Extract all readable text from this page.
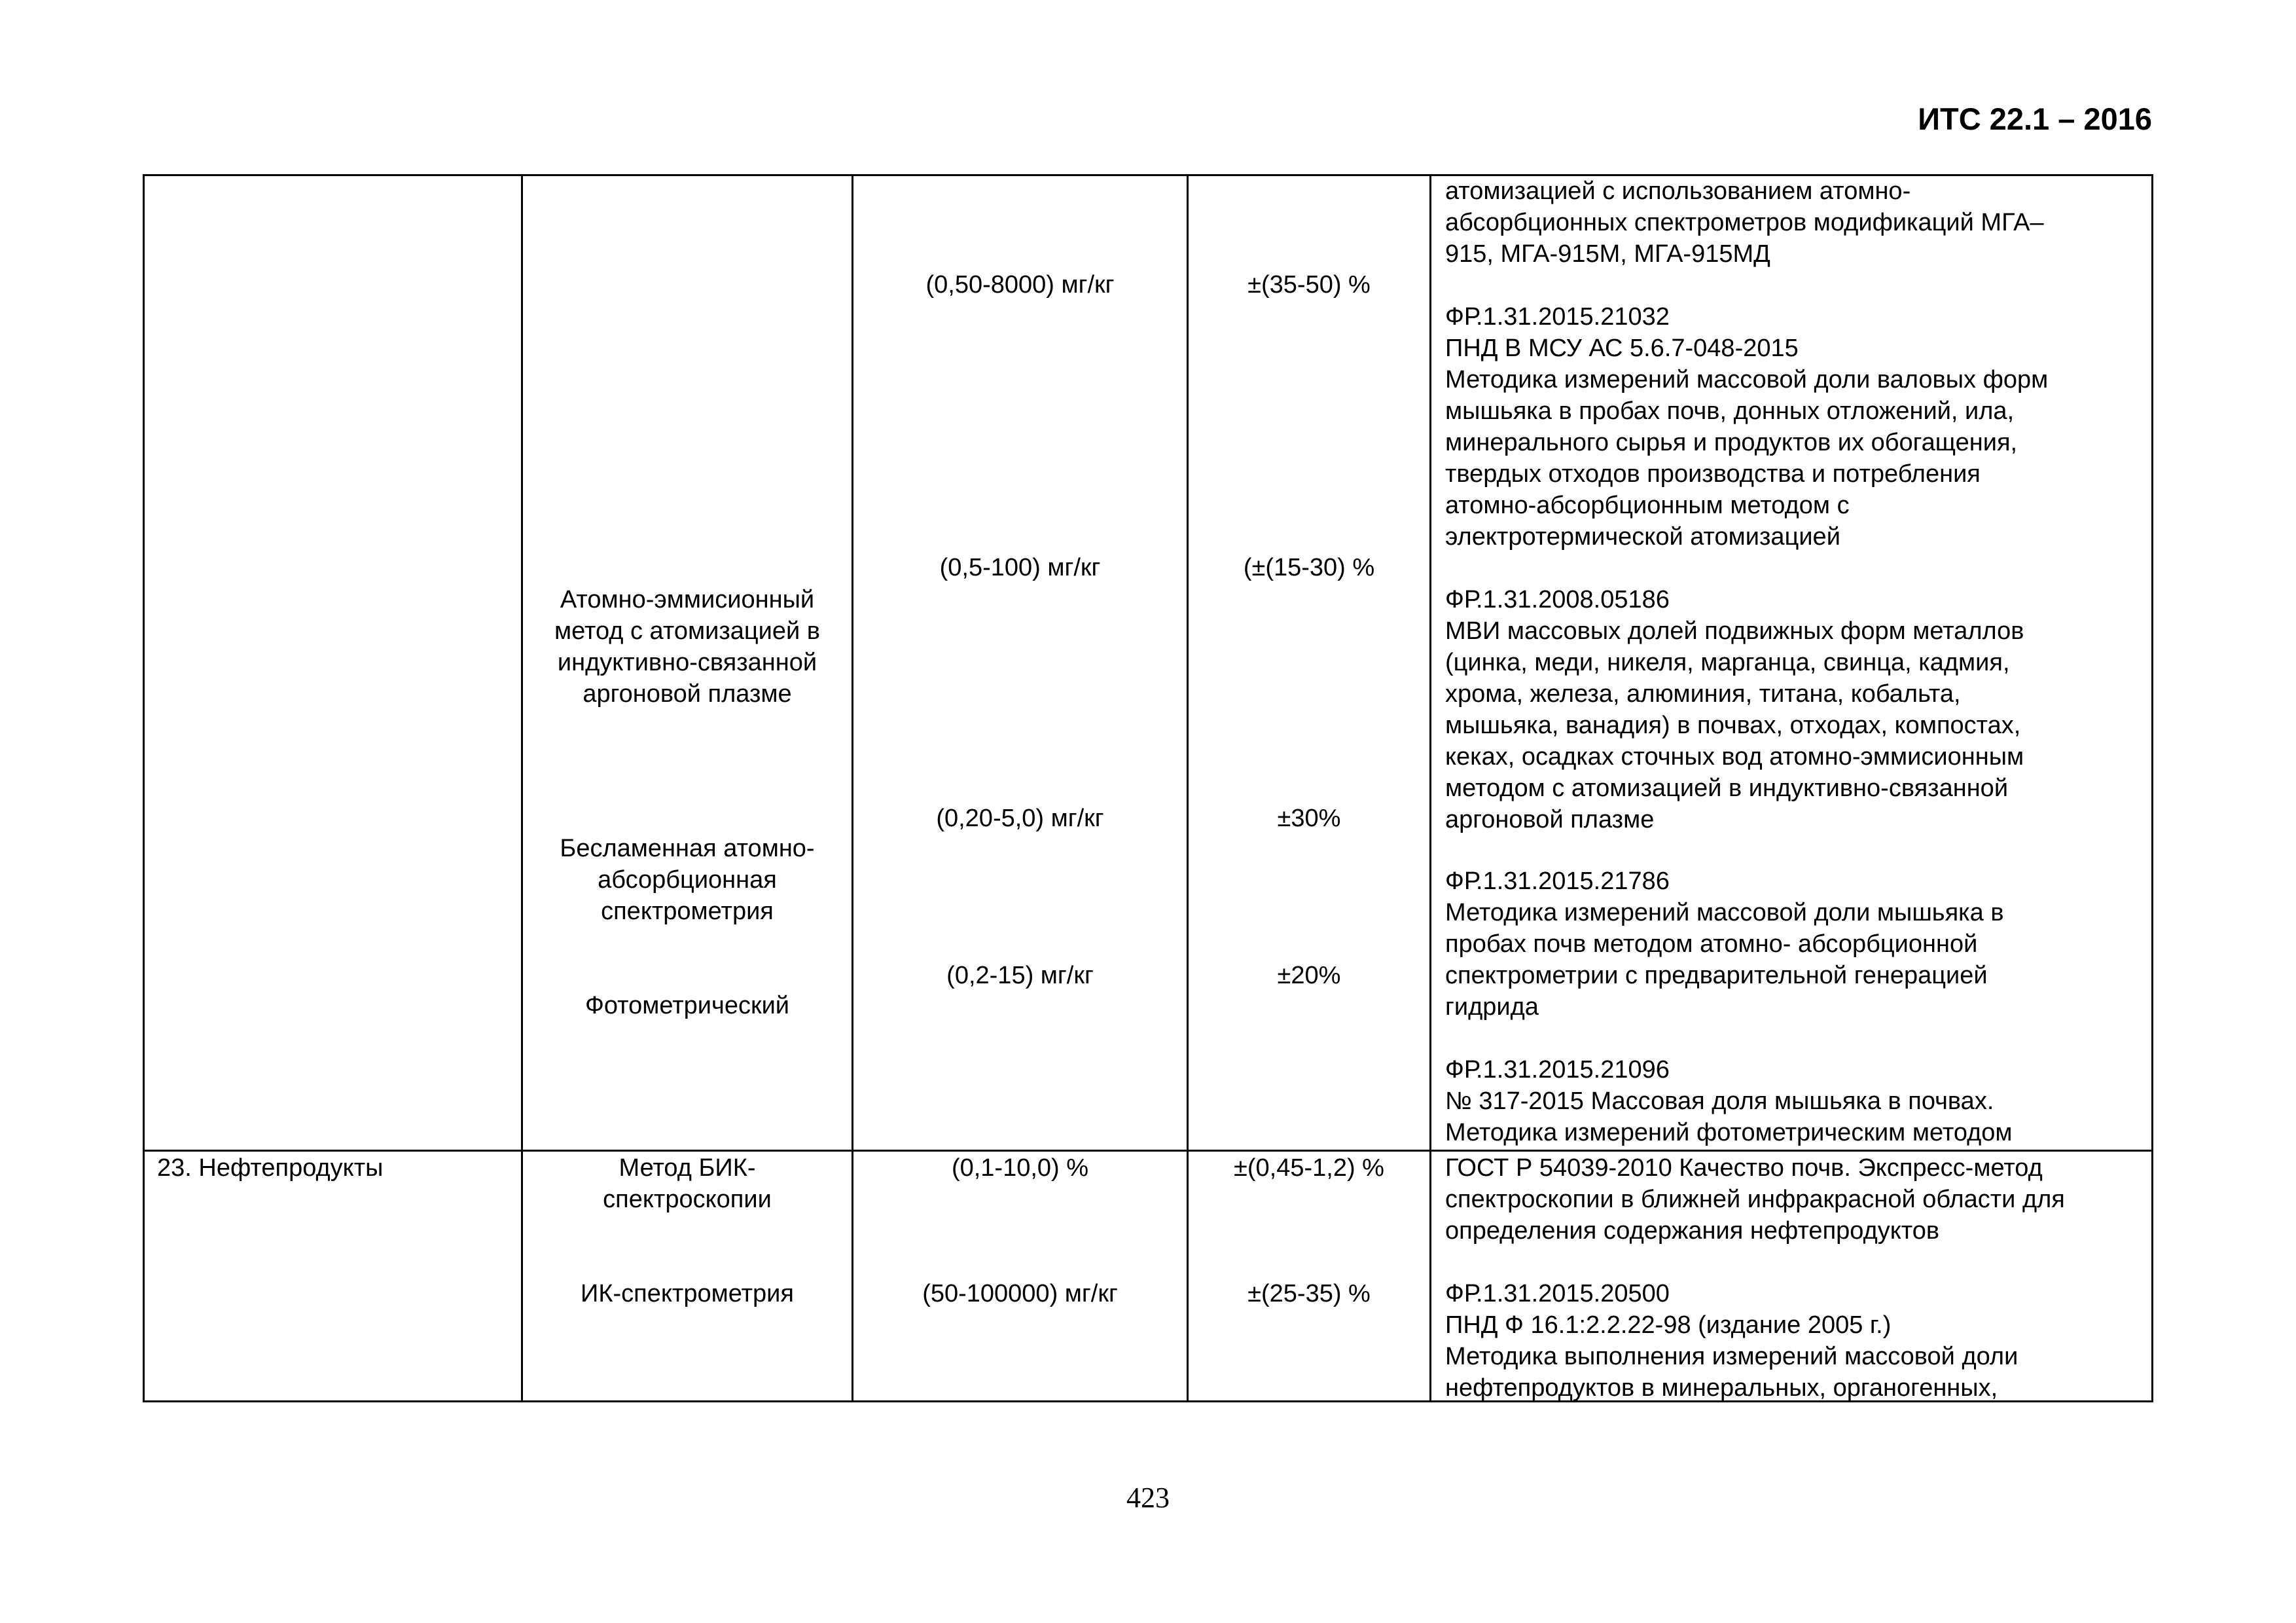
ИТС 22.1 – 2016
Атомно-эммисионный
метод с атомизацией в
индуктивно-связанной
аргоновой плазме
Бесламенная атомно-
абсорбционная
спектрометрия
Фотометрический
(0,50-8000) мг/кг
(0,5-100) мг/кг
(0,20-5,0) мг/кг
(0,2-15) мг/кг
±(35-50) %
(±(15-30) %
±30%
±20%
атомизацией с использованием атомно-
абсорбционных спектрометров модификаций МГА–
915, МГА-915М, МГА-915МД
ФР.1.31.2015.21032
ПНД В МСУ АС 5.6.7-048-2015
Методика измерений массовой доли валовых форм
мышьяка в пробах почв, донных отложений, ила,
минерального сырья и продуктов их обогащения,
твердых отходов производства и потребления
атомно-абсорбционным методом с
электротермической атомизацией
ФР.1.31.2008.05186
МВИ массовых долей подвижных форм металлов
(цинка, меди, никеля, марганца, свинца, кадмия,
хрома, железа, алюминия, титана, кобальта,
мышьяка, ванадия) в почвах, отходах, компостах,
кеках, осадках сточных вод атомно-эммисионным
методом с атомизацией в индуктивно-связанной
аргоновой плазме
ФР.1.31.2015.21786
Методика измерений массовой доли мышьяка в
пробах почв методом атомно- абсорбционной
спектрометрии с предварительной генерацией
гидрида
ФР.1.31.2015.21096
№ 317-2015 Массовая доля мышьяка в почвах.
Методика измерений фотометрическим методом
23. Нефтепродукты	Метод БИК-
спектроскопии
ИК-спектрометрия
(0,1-10,0) %
(50-100000) мг/кг
±(0,45-1,2) %
±(25-35) %
ГОСТ Р 54039-2010 Качество почв. Экспресс-метод
спектроскопии в ближней инфракрасной области для
определения содержания нефтепродуктов
ФР.1.31.2015.20500
ПНД Ф 16.1:2.2.22-98 (издание 2005 г.)
Методика выполнения измерений массовой доли
нефтепродуктов в минеральных, органогенных,
423
